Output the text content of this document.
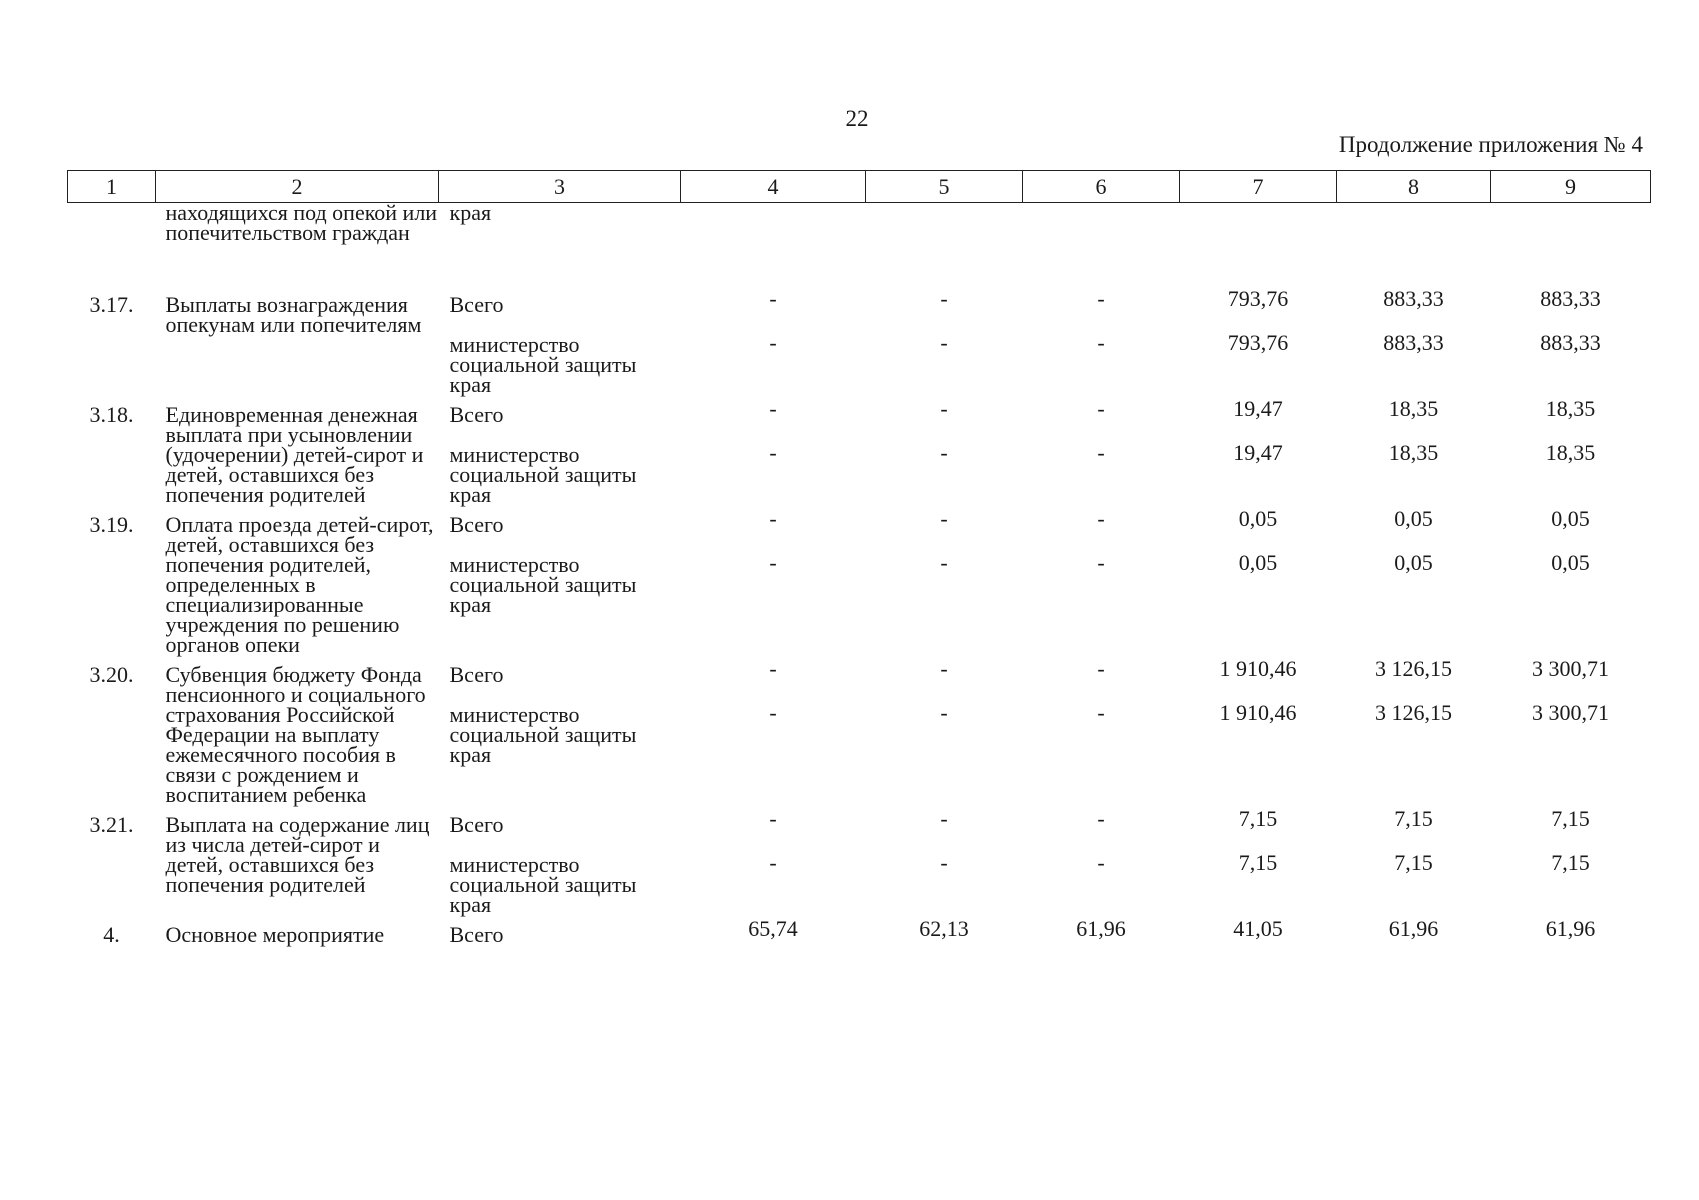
22
Продолжение приложения № 4
1	2	3	4	5	6	7	8	9
	находящихся под опекой или попечительством граждан	края						
3.17.	Выплаты вознаграждения опекунам или попечителям	Всего	-	-	-	793,76	883,33	883,33
		министерство социальной защиты края	-	-	-	793,76	883,33	883,33
3.18.	Единовременная денежная выплата при усыновлении (удочерении) детей-сирот и детей, оставшихся без попечения родителей	Всего	-	-	-	19,47	18,35	18,35
		министерство социальной защиты края	-	-	-	19,47	18,35	18,35
3.19.	Оплата проезда детей-сирот, детей, оставшихся без попечения родителей, определенных в специализированные учреждения по решению органов опеки	Всего	-	-	-	0,05	0,05	0,05
		министерство социальной защиты края	-	-	-	0,05	0,05	0,05
3.20.	Субвенция бюджету Фонда пенсионного и социального страхования Российской Федерации на выплату ежемесячного пособия в связи с рождением и воспитанием ребенка	Всего	-	-	-	1 910,46	3 126,15	3 300,71
		министерство социальной защиты края	-	-	-	1 910,46	3 126,15	3 300,71
3.21.	Выплата на содержание лиц из числа детей-сирот и детей, оставшихся без попечения родителей	Всего	-	-	-	7,15	7,15	7,15
		министерство социальной защиты края	-	-	-	7,15	7,15	7,15
4.	Основное мероприятие	Всего	65,74	62,13	61,96	41,05	61,96	61,96
